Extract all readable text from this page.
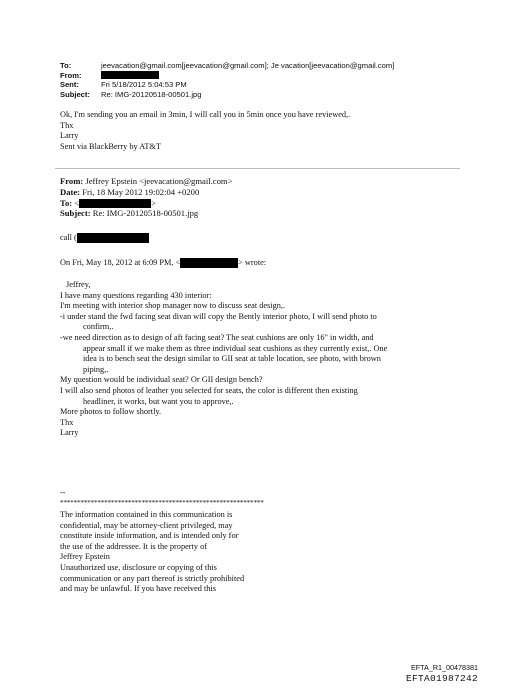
To:	jeevacation@gmail.com[jeevacation@gmail.com]; Je vacation[jeevacation@gmail.com]
From:
Sent:	Fri 5/18/2012 5:04:53 PM
Subject:	Re: IMG-20120518-00501.jpg
Ok, I'm sending you an email in 3min, I will call you in 5min once you have reviewed,.
Thx
Larry
Sent via BlackBerry by AT&T
From: Jeffrey Epstein <jeevacation@gmail.com>
Date: Fri, 18 May 2012 19:02:04 +0200
To: <	>
Subject: Re: IMG-20120518-00501.jpg
call (
On Fri, May 18, 2012 at 6:09 PM, <	> wrote:
Jeffrey,
I have many questions regarding 430 interior:
I'm meeting with interior shop manager now to discuss seat design,.
-i under stand the fwd facing seat divan will copy the Bently interior photo, I will send photo to
confirm,.
-we need direction as to design of aft facing seat? The seat cushions are only 16" in width, and
appear small if we make them as three individual seat cushions as they currently exist,. One
idea is to bench seat the design similar to GII seat at table location, see photo, with brown
piping,.
My question would be individual seat? Or GII design bench?
I will also send photos of leather you selected for seats, the color is different then existing
headliner, it works, but want you to approve,.
More photos to follow shortly.
Thx
Larry
--
************************************************************
The information contained in this communication is
confidential, may be attorney-client privileged, may
constitute inside information, and is intended only for
the use of the addressee. It is the property of
Jeffrey Epstein
Unauthorized use, disclosure or copying of this
communication or any part thereof is strictly prohibited
and may be unlawful. If you have received this
EFTA_R1_00478381
EFTA01987242
